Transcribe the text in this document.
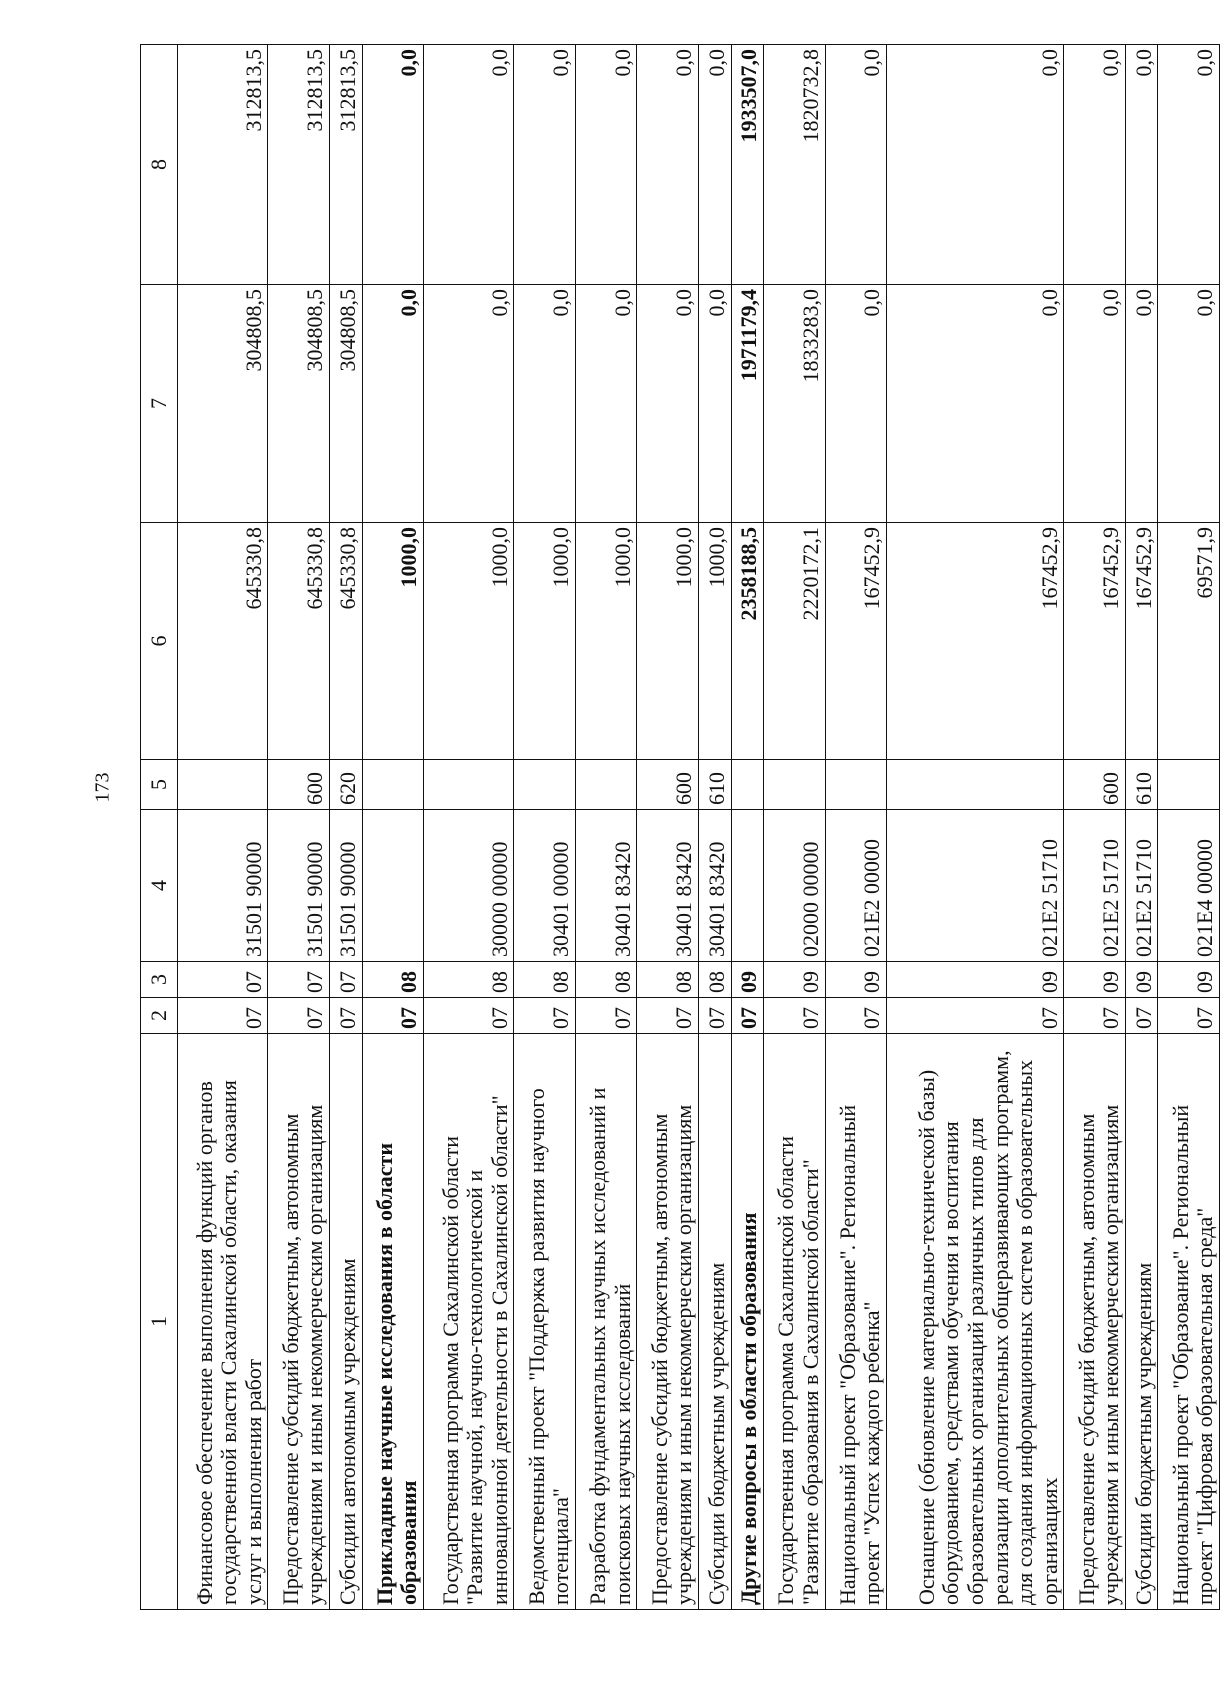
173
1	2	3	4	5	6	7	8
Финансовое обеспечение выполнения функций органов государственной власти Сахалинской области, оказания услуг и выполнения работ	07	07	31501 90000		645330,8	304808,5	312813,5
Предоставление субсидий бюджетным, автономным учреждениям и иным некоммерческим организациям	07	07	31501 90000	600	645330,8	304808,5	312813,5
Субсидии автономным учреждениям	07	07	31501 90000	620	645330,8	304808,5	312813,5
Прикладные научные исследования в области образования	07	08			1000,0	0,0	0,0
Государственная программа Сахалинской области "Развитие научной, научно-технологической и инновационной деятельности в Сахалинской области"	07	08	30000 00000		1000,0	0,0	0,0
Ведомственный проект "Поддержка развития научного потенциала"	07	08	30401 00000		1000,0	0,0	0,0
Разработка фундаментальных научных исследований и поисковых научных исследований	07	08	30401 83420		1000,0	0,0	0,0
Предоставление субсидий бюджетным, автономным учреждениям и иным некоммерческим организациям	07	08	30401 83420	600	1000,0	0,0	0,0
Субсидии бюджетным учреждениям	07	08	30401 83420	610	1000,0	0,0	0,0
Другие вопросы в области образования	07	09			2358188,5	1971179,4	1933507,0
Государственная программа Сахалинской области "Развитие образования в Сахалинской области"	07	09	02000 00000		2220172,1	1833283,0	1820732,8
Национальный проект "Образование". Региональный проект "Успех каждого ребенка"	07	09	021Е2 00000		167452,9	0,0	0,0
Оснащение (обновление материально-технической базы) оборудованием, средствами обучения и воспитания образовательных организаций различных типов для реализации дополнительных общеразвивающих программ, для создания информационных систем в образовательных организациях	07	09	021Е2 51710		167452,9	0,0	0,0
Предоставление субсидий бюджетным, автономным учреждениям и иным некоммерческим организациям	07	09	021Е2 51710	600	167452,9	0,0	0,0
Субсидии бюджетным учреждениям	07	09	021Е2 51710	610	167452,9	0,0	0,0
Национальный проект "Образование". Региональный проект "Цифровая образовательная среда"	07	09	021Е4 00000		69571,9	0,0	0,0
